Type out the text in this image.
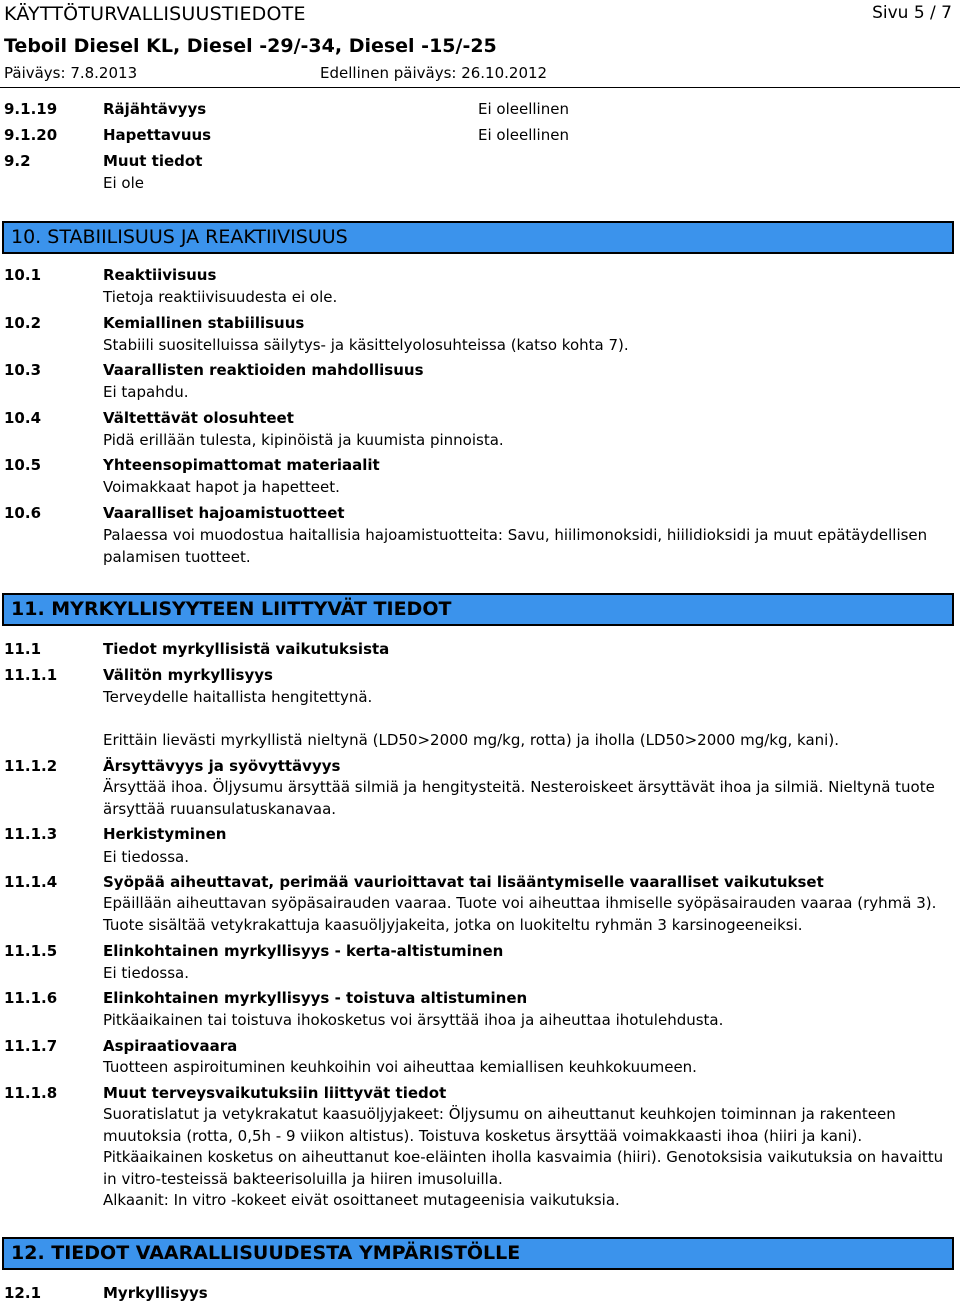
KÄYTTÖTURVALLISUUSTIEDOTE	Sivu 5 / 7
Teboil Diesel KL, Diesel -29/-34, Diesel -15/-25
Päiväys: 7.8.2013	Edellinen päiväys: 26.10.2012
9.1.19	Räjähtävyys	Ei oleellinen
9.1.20	Hapettavuus	Ei oleellinen
9.2	Muut tiedot
Ei ole
10. STABIILISUUS JA REAKTIIVISUUS
10.1	Reaktiivisuus
Tietoja reaktiivisuudesta ei ole.
10.2	Kemiallinen stabiilisuus
Stabiili suositelluissa säilytys- ja käsittelyolosuhteissa (katso kohta 7).
10.3	Vaarallisten reaktioiden mahdollisuus
Ei tapahdu.
10.4	Vältettävät olosuhteet
Pidä erillään tulesta, kipinöistä ja kuumista pinnoista.
10.5	Yhteensopimattomat materiaalit
Voimakkaat hapot ja hapetteet.
10.6	Vaaralliset hajoamistuotteet
Palaessa voi muodostua haitallisia hajoamistuotteita: Savu, hiilimonoksidi, hiilidioksidi ja muut epätäydellisen palamisen tuotteet.
11. MYRKYLLISYYTEEN LIITTYVÄT TIEDOT
11.1	Tiedot myrkyllisistä vaikutuksista
11.1.1	Välitön myrkyllisyys
Terveydelle haitallista hengitettynä.
Erittäin lievästi myrkyllistä nieltynä (LD50>2000 mg/kg, rotta) ja iholla (LD50>2000 mg/kg, kani).
11.1.2	Ärsyttävyys ja syövyttävyys
Ärsyttää ihoa. Öljysumu ärsyttää silmiä ja hengitysteitä. Nesteroiskeet ärsyttävät ihoa ja silmiä. Nieltynä tuote ärsyttää ruuansulatuskanavaa.
11.1.3	Herkistyminen
Ei tiedossa.
11.1.4	Syöpää aiheuttavat, perimää vaurioittavat tai lisääntymiselle vaaralliset vaikutukset
Epäillään aiheuttavan syöpäsairauden vaaraa. Tuote voi aiheuttaa ihmiselle syöpäsairauden vaaraa (ryhmä 3). Tuote sisältää vetykrakattuja kaasuöljyjakeita, jotka on luokiteltu ryhmän 3 karsinogeeneiksi.
11.1.5	Elinkohtainen myrkyllisyys - kerta-altistuminen
Ei tiedossa.
11.1.6	Elinkohtainen myrkyllisyys - toistuva altistuminen
Pitkäaikainen tai toistuva ihokosketus voi ärsyttää ihoa ja aiheuttaa ihotulehdusta.
11.1.7	Aspiraatiovaara
Tuotteen aspiroituminen keuhkoihin voi aiheuttaa kemiallisen keuhkokuumeen.
11.1.8	Muut terveysvaikutuksiin liittyvät tiedot
Suoratislatut ja vetykrakatut kaasuöljyjakeet: Öljysumu on aiheuttanut keuhkojen toiminnan ja rakenteen muutoksia (rotta, 0,5h - 9 viikon altistus). Toistuva kosketus ärsyttää voimakkaasti ihoa (hiiri ja kani). Pitkäaikainen kosketus on aiheuttanut koe-eläinten iholla kasvaimia (hiiri). Genotoksisia vaikutuksia on havaittu in vitro-testeissä bakteerisoluilla ja hiiren imusoluilla.
Alkaanit: In vitro -kokeet eivät osoittaneet mutageenisia vaikutuksia.
12. TIEDOT VAARALLISUUDESTA YMPÄRISTÖLLE
12.1	Myrkyllisyys
